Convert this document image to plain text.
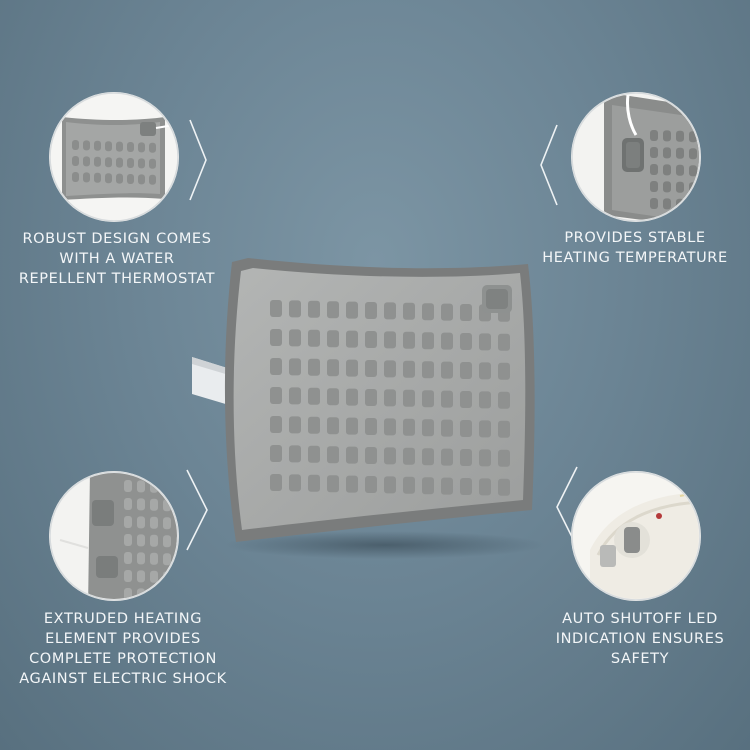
ROBUST DESIGN COMES
WITH A WATER
REPELLENT THERMOSTAT
PROVIDES STABLE
HEATING TEMPERATURE
EXTRUDED HEATING
ELEMENT PROVIDES
COMPLETE PROTECTION
AGAINST ELECTRIC SHOCK
AUTO SHUTOFF LED
INDICATION ENSURES
SAFETY
